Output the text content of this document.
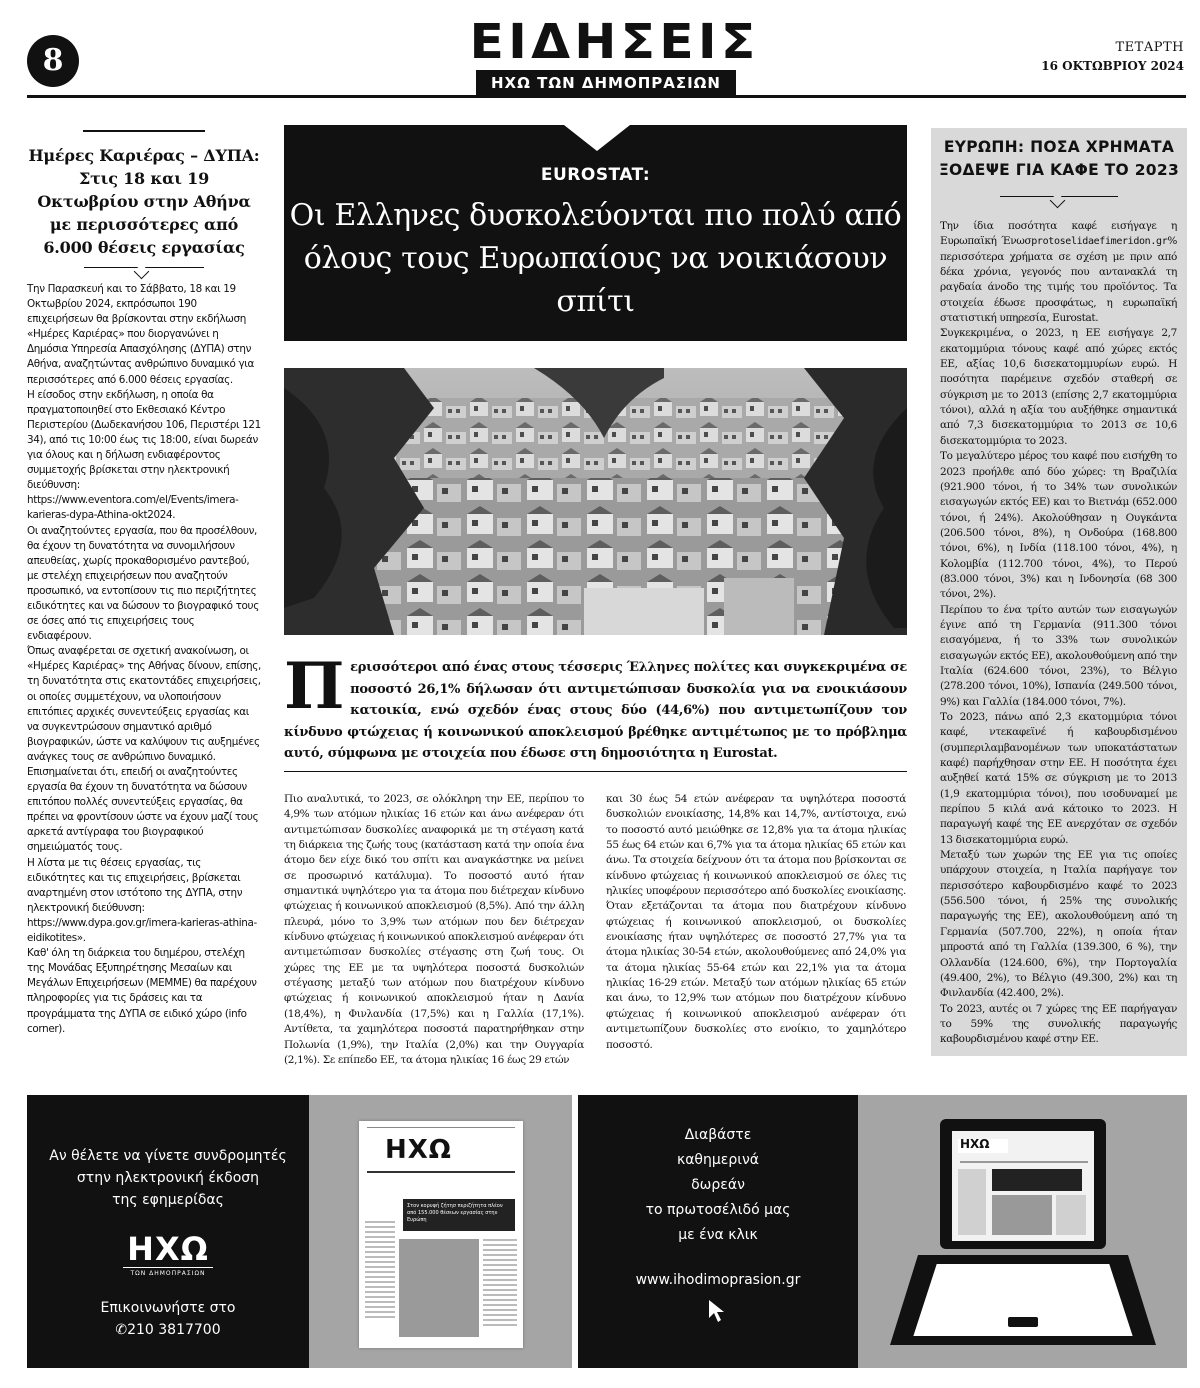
8	ΕΙΔΗΣΕΙΣ
ΗΧΩ ΤΩΝ ΔΗΜΟΠΡΑΣΙΩΝ
ΤΕΤΑΡΤΗ
16 ΟΚΤΩΒΡΙΟΥ 2024
Ημέρες Καριέρας – ΔΥΠΑ: Στις 18 και 19 Οκτωβρίου στην Αθήνα με περισσότερες από 6.000 θέσεις εργασίας

Την Παρασκευή και το Σάββατο, 18 και 19 Οκτωβρίου 2024, εκπρόσωποι 190 επιχειρήσεων θα βρίσκονται στην εκδήλωση «Ημέρες Καριέρας» που διοργανώνει η Δημόσια Υπηρεσία Απασχόλησης (ΔΥΠΑ) στην Αθήνα, αναζητώντας ανθρώπινο δυναμικό για περισσότερες από 6.000 θέσεις εργασίας.

Η είσοδος στην εκδήλωση, η οποία θα πραγματοποιηθεί στο Εκθεσιακό Κέντρο Περιστερίου (Δωδεκανήσου 106, Περιστέρι 121 34), από τις 10:00 έως τις 18:00, είναι δωρεάν για όλους και η δήλωση ενδιαφέροντος συμμετοχής βρίσκεται στην ηλεκτρονική διεύθυνση: https://www.eventora.com/el/Events/imera-karieras-dypa-Athina-okt2024.

Οι αναζητούντες εργασία, που θα προσέλθουν, θα έχουν τη δυνατότητα να συνομιλήσουν απευθείας, χωρίς προκαθορισμένο ραντεβού, με στελέχη επιχειρήσεων που αναζητούν προσωπικό, να εντοπίσουν τις πιο περιζήτητες ειδικότητες και να δώσουν το βιογραφικό τους σε όσες από τις επιχειρήσεις τους ενδιαφέρουν.

Όπως αναφέρεται σε σχετική ανακοίνωση, οι «Ημέρες Καριέρας» της Αθήνας δίνουν, επίσης, τη δυνατότητα στις εκατοντάδες επιχειρήσεις, οι οποίες συμμετέχουν, να υλοποιήσουν επιτόπιες αρχικές συνεντεύξεις εργασίας και να συγκεντρώσουν σημαντικό αριθμό βιογραφικών, ώστε να καλύψουν τις αυξημένες ανάγκες τους σε ανθρώπινο δυναμικό.

Επισημαίνεται ότι, επειδή οι αναζητούντες εργασία θα έχουν τη δυνατότητα να δώσουν επιτόπου πολλές συνεντεύξεις εργασίας, θα πρέπει να φροντίσουν ώστε να έχουν μαζί τους αρκετά αντίγραφα του βιογραφικού σημειώματός τους.

Η λίστα με τις θέσεις εργασίας, τις ειδικότητες και τις επιχειρήσεις, βρίσκεται αναρτημένη στον ιστότοπο της ΔΥΠΑ, στην ηλεκτρονική διεύθυνση: https://www.dypa.gov.gr/imera-karieras-athina-eidikotites».

Καθ' όλη τη διάρκεια του διημέρου, στελέχη της Μονάδας Εξυπηρέτησης Μεσαίων και Μεγάλων Επιχειρήσεων (ΜΕΜΜΕ) θα παρέχουν πληροφορίες για τις δράσεις και τα προγράμματα της ΔΥΠΑ σε ειδικό χώρο (info corner).

EUROSTAT:
Οι Ελληνες δυσκολεύονται πιο πολύ από όλους τους Ευρωπαίους να νοικιάσουν σπίτι
Περισσότεροι από ένας στους τέσσερις Έλληνες πολίτες και συγκεκριμένα σε ποσοστό 26,1% δήλωσαν ότι αντιμετώπισαν δυσκολία για να ενοικιάσουν κατοικία, ενώ σχεδόν ένας στους δύο (44,6%) που αντιμετωπίζουν τον κίνδυνο φτώχειας ή κοινωνικού αποκλεισμού βρέθηκε αντιμέτωπος με το πρόβλημα αυτό, σύμφωνα με στοιχεία που έδωσε στη δημοσιότητα η Eurostat.
Πιο αναλυτικά, το 2023, σε ολόκληρη την ΕΕ, περίπου το 4,9% των ατόμων ηλικίας 16 ετών και άνω ανέφεραν ότι αντιμετώπισαν δυσκολίες αναφορικά με τη στέγαση κατά τη διάρκεια της ζωής τους (κατάσταση κατά την οποία ένα άτομο δεν είχε δικό του σπίτι και αναγκάστηκε να μείνει σε προσωρινό κατάλυμα). Το ποσοστό αυτό ήταν σημαντικά υψηλότερο για τα άτομα που διέτρεχαν κίνδυνο φτώχειας ή κοινωνικού αποκλεισμού (8,5%). Από την άλλη πλευρά, μόνο το 3,9% των ατόμων που δεν διέτρεχαν κίνδυνο φτώχειας ή κοινωνικού αποκλεισμού ανέφεραν ότι αντιμετώπισαν δυσκολίες στέγασης στη ζωή τους. Οι χώρες της ΕΕ με τα υψηλότερα ποσοστά δυσκολιών στέγασης μεταξύ των ατόμων που διατρέχουν κίνδυνο φτώχειας ή κοινωνικού αποκλεισμού ήταν η Δανία (18,4%), η Φινλανδία (17,5%) και η Γαλλία (17,1%). Αντίθετα, τα χαμηλότερα ποσοστά παρατηρήθηκαν στην Πολωνία (1,9%), την Ιταλία (2,0%) και την Ουγγαρία (2,1%). Σε επίπεδο ΕΕ, τα άτομα ηλικίας 16 έως 29 ετών
και 30 έως 54 ετών ανέφεραν τα υψηλότερα ποσοστά δυσκολιών ενοικίασης, 14,8% και 14,7%, αντίστοιχα, ενώ το ποσοστό αυτό μειώθηκε σε 12,8% για τα άτομα ηλικίας 55 έως 64 ετών και 6,7% για τα άτομα ηλικίας 65 ετών και άνω. Τα στοιχεία δείχνουν ότι τα άτομα που βρίσκονται σε κίνδυνο φτώχειας ή κοινωνικού αποκλεισμού σε όλες τις ηλικίες υποφέρουν περισσότερο από δυσκολίες ενοικίασης. Όταν εξετάζονται τα άτομα που διατρέχουν κίνδυνο φτώχειας ή κοινωνικού αποκλεισμού, οι δυσκολίες ενοικίασης ήταν υψηλότερες σε ποσοστό 27,7% για τα άτομα ηλικίας 30-54 ετών, ακολουθούμενες από 24,0% για τα άτομα ηλικίας 55-64 ετών και 22,1% για τα άτομα ηλικίας 16-29 ετών. Μεταξύ των ατόμων ηλικίας 65 ετών και άνω, το 12,9% των ατόμων που διατρέχουν κίνδυνο φτώχειας ή κοινωνικού αποκλεισμού ανέφεραν ότι αντιμετωπίζουν δυσκολίες στο ενοίκιο, το χαμηλότερο ποσοστό.
ΕΥΡΩΠΗ: ΠΟΣΑ ΧΡΗΜΑΤΑ ΞΟΔΕΨΕ ΓΙΑ ΚΑΦΕ ΤΟ 2023
Την ίδια ποσότητα καφέ εισήγαγε η Ευρωπαϊκή Ένωσprotoselidaefimeridon.gr% περισσότερα χρήματα σε σχέση με πριν από δέκα χρόνια, γεγονός που αντανακλά τη ραγδαία άνοδο της τιμής του προϊόντος. Τα στοιχεία έδωσε προσφάτως, η ευρωπαϊκή στατιστική υπηρεσία, Eurostat.
Συγκεκριμένα, ο 2023, η ΕΕ εισήγαγε 2,7 εκατομμύρια τόνους καφέ από χώρες εκτός ΕΕ, αξίας 10,6 δισεκατομμυρίων ευρώ. Η ποσότητα παρέμεινε σχεδόν σταθερή σε σύγκριση με το 2013 (επίσης 2,7 εκατομμύρια τόνοι), αλλά η αξία του αυξήθηκε σημαντικά από 7,3 δισεκατομμύρια το 2013 σε 10,6 δισεκατομμύρια το 2023.
Το μεγαλύτερο μέρος του καφέ που εισήχθη το 2023 προήλθε από δύο χώρες: τη Βραζιλία (921.900 τόνοι, ή το 34% των συνολικών εισαγωγών εκτός ΕΕ) και το Βιετνάμ (652.000 τόνοι, ή 24%). Ακολούθησαν η Ουγκάντα (206.500 τόνοι, 8%), η Ονδούρα (168.800 τόνοι, 6%), η Ινδία (118.100 τόνοι, 4%), η Κολομβία (112.700 τόνοι, 4%), το Περού (83.000 τόνοι, 3%) και η Ινδονησία (68 300 τόνοι, 2%).
Περίπου το ένα τρίτο αυτών των εισαγωγών έγινε από τη Γερμανία (911.300 τόνοι εισαγόμενα, ή το 33% των συνολικών εισαγωγών εκτός ΕΕ), ακολουθούμενη από την Ιταλία (624.600 τόνοι, 23%), το Βέλγιο (278.200 τόνοι, 10%), Ισπανία (249.500 τόνοι, 9%) και Γαλλία (184.000 τόνοι, 7%).
Το 2023, πάνω από 2,3 εκατομμύρια τόνοι καφέ, ντεκαφεϊνέ ή καβουρδισμένου (συμπεριλαμβανομένων των υποκατάστατων καφέ) παρήχθησαν στην ΕΕ. Η ποσότητα έχει αυξηθεί κατά 15% σε σύγκριση με το 2013 (1,9 εκατομμύρια τόνοι), που ισοδυναμεί με περίπου 5 κιλά ανά κάτοικο το 2023. Η παραγωγή καφέ της ΕΕ ανερχόταν σε σχεδόν 13 δισεκατομμύρια ευρώ.
Μεταξύ των χωρών της ΕΕ για τις οποίες υπάρχουν στοιχεία, η Ιταλία παρήγαγε τον περισσότερο καβουρδισμένο καφέ το 2023 (556.500 τόνοι, ή 25% της συνολικής παραγωγής της ΕΕ), ακολουθούμενη από τη Γερμανία (507.700, 22%), η οποία ήταν μπροστά από τη Γαλλία (139.300, 6 %), την Ολλανδία (124.600, 6%), την Πορτογαλία (49.400, 2%), το Βέλγιο (49.300, 2%) και τη Φινλανδία (42.400, 2%).
Το 2023, αυτές οι 7 χώρες της ΕΕ παρήγαγαν το 59% της συνολικής παραγωγής καβουρδισμένου καφέ στην ΕΕ.
Αν θέλετε να γίνετε συνδρομητές
στην ηλεκτρονική έκδοση
της εφημερίδας
ΗΧΩ
ΤΩΝ ΔΗΜΟΠΡΑΣΙΩΝ
Επικοινωνήστε στο
✆210 3817700
ΗΧΩ
Στον κορυφή ζήτησ περιζήτητα πλέον από 155.000 θέσεων εργασίας στην Ευρώπη
Διαβάστε
καθημερινά
δωρεάν
το πρωτοσέλιδό μας
με ένα κλικ
www.ihodimoprasion.gr
ΗΧΩ
